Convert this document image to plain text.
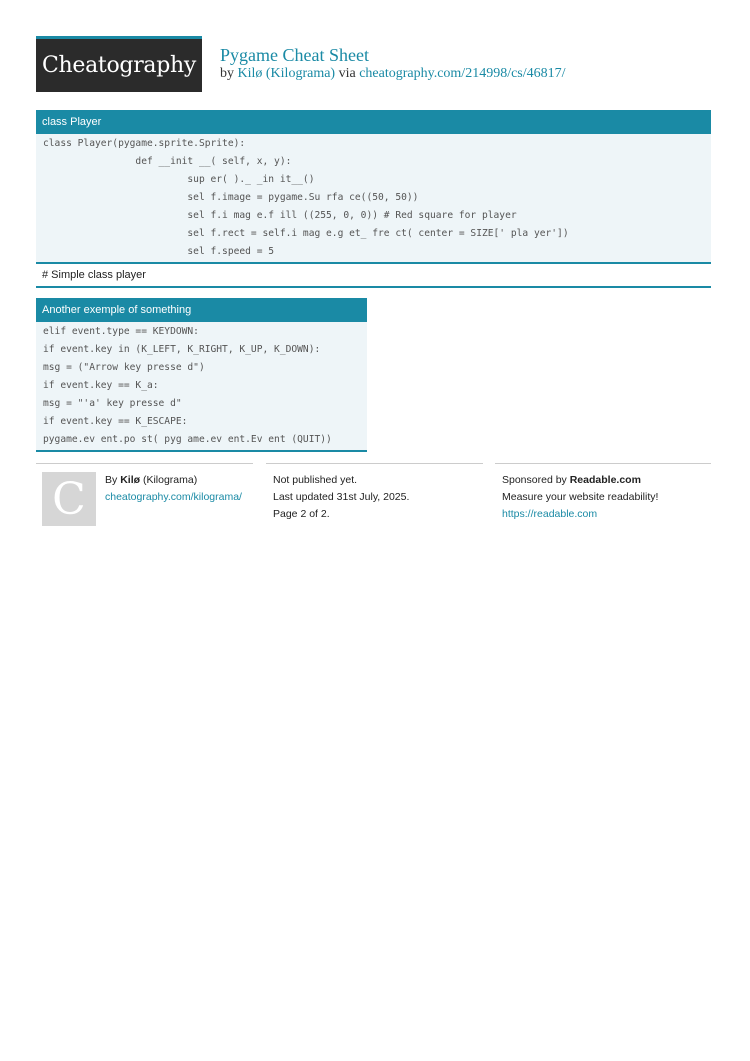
Cheatography Pygame Cheat Sheet
by Kilø (Kilograma) via cheatography.com/214998/cs/46817/
class Player
class Player(pygame.sprite.Sprite):
def __init __( self, x, y):
sup er( )._ _in it__()
sel f.image = pygame.Su rfa ce((50, 50))
sel f.i mag e.f ill ((255, 0, 0)) # Red square for player
sel f.rect = self.i mag e.g et_ fre ct( center = SIZE[' pla yer'])
sel f.speed = 5
# Simple class player
Another exemple of something
elif event.type == KEYDOWN:
if event.key in (K_LEFT, K_RIGHT, K_UP, K_DOWN):
msg = ("Arrow key presse d")
if event.key == K_a:
msg = "'a' key presse d"
if event.key == K_ESCAPE:
pygame.ev ent.po st( pyg ame.ev ent.Ev ent (QUIT))
C By Kilø (Kilograma)
cheatography.com/kilograma/
Not published yet.
Last updated 31st July, 2025.
Page 2 of 2.
Sponsored by Readable.com
Measure your website readability!
https://readable.com
